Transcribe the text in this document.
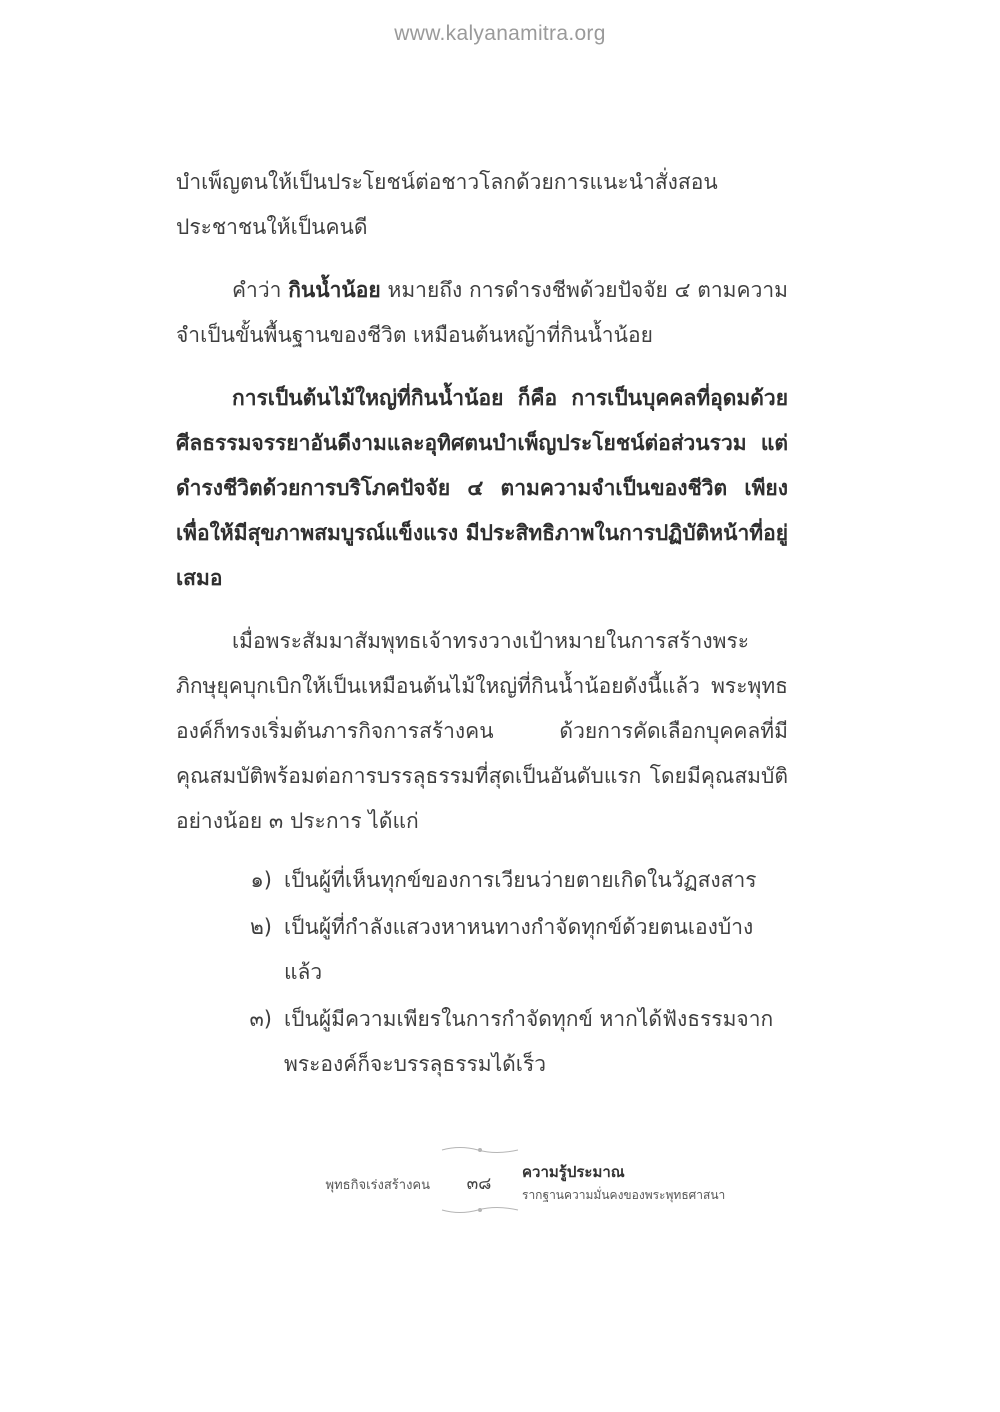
www.kalyanamitra.org

บำเพ็ญตนให้เป็นประโยชน์ต่อชาวโลกด้วยการแนะนำสั่งสอนประชาชนให้เป็นคนดี

คำว่า กินน้ำน้อย หมายถึง การดำรงชีพด้วยปัจจัย ๔ ตามความจำเป็นขั้นพื้นฐานของชีวิต เหมือนต้นหญ้าที่กินน้ำน้อย

การเป็นต้นไม้ใหญ่ที่กินน้ำน้อย ก็คือ การเป็นบุคคลที่อุดมด้วยศีลธรรมจรรยาอันดีงามและอุทิศตนบำเพ็ญประโยชน์ต่อส่วนรวม แต่ดำรงชีวิตด้วยการบริโภคปัจจัย ๔ ตามความจำเป็นของชีวิต เพียงเพื่อให้มีสุขภาพสมบูรณ์แข็งแรง มีประสิทธิภาพในการปฏิบัติหน้าที่อยู่เสมอ

เมื่อพระสัมมาสัมพุทธเจ้าทรงวางเป้าหมายในการสร้างพระภิกษุยุคบุกเบิกให้เป็นเหมือนต้นไม้ใหญ่ที่กินน้ำน้อยดังนี้แล้ว พระพุทธองค์ก็ทรงเริ่มต้นภารกิจการสร้างคน ด้วยการคัดเลือกบุคคลที่มีคุณสมบัติพร้อมต่อการบรรลุธรรมที่สุดเป็นอันดับแรก โดยมีคุณสมบัติอย่างน้อย ๓ ประการ ได้แก่

๑) เป็นผู้ที่เห็นทุกข์ของการเวียนว่ายตายเกิดในวัฏสงสาร
๒) เป็นผู้ที่กำลังแสวงหาหนทางกำจัดทุกข์ด้วยตนเองบ้างแล้ว
๓) เป็นผู้มีความเพียรในการกำจัดทุกข์ หากได้ฟังธรรมจากพระองค์ก็จะบรรลุธรรมได้เร็ว
พุทธกิจเร่งสร้างคน	๓๘
ความรู้ประมาณ
รากฐานความมั่นคงของพระพุทธศาสนา
